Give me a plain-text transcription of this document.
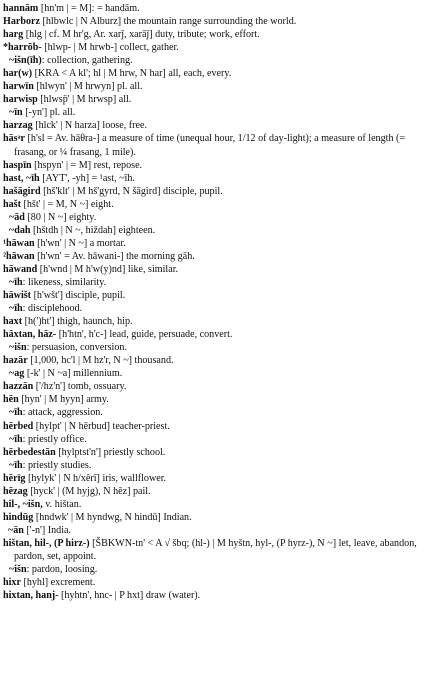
hannām [hn'm | = M]: = handām.
Harborz [hlbwlc | N Alburz] the mountain range surrounding the world.
harg [hlg | cf. M hr'g, Ar. xarǰ, xarāǰ] duty, tribute; work, effort.
*harrōb- [hlwp- | M hrwb-] collect, gather.
~išn(īh): collection, gathering.
har(w) [KRA < A kl'; hl | M hrw, N har] all, each, every.
harwīn [hlwyn' | M hrwyn] pl. all.
harwisp [hlwsp̄' | M hrwsp] all.
~īn [-yn'] pl. all.
harzag [hlck' | N harza] loose, free.
hāsᵃr [h'sl = Av. hāθra-] a measure of time (unequal hour, 1/12 of day-light); a measure of length (= frasang, or ¼ frasang, 1 mile).
haspīn [hspyn' | = M] rest, repose.
hast, ~īh [AYT', -yh] = ¹ast, ~īh.
hašāgird [hš'klt' | M hš'gyrd, N šāgird] disciple, pupil.
hašt [hšt' | = M, N ~] eight.
~ād [80 | N ~] eighty.
~dah [hštdh | N ~, hiždah] eighteen.
¹hāwan [h'wn' | N ~] a mortar.
²hāwan [h'wn' = Av. hāwani-] the morning gāh.
hāwand [h'wnd | M h'w(y)nd] like, similar.
~īh: likeness, similarity.
hāwišt [h'wšt'] disciple, pupil.
~īh: disciplehood.
haxt [h(')ht'] thigh, haunch, hip.
hāxtan, hāz- [h'htn', h'c-] lead, guide, persuade, convert.
~išn: persuasion, conversion.
hazār [1,000, hc'l | M hz'r, N ~] thousand.
~ag [-k' | N ~a] millennium.
hazzān ['/hz'n'] tomb, ossuary.
hēn [hyn' | M hyyn] army.
~īh: attack, aggression.
hērbed [hylpt' | N hērbud] teacher-priest.
~īh: priestly office.
hērbedestān [hylptst'n'] priestly school.
~īh: priestly studies.
hērīg [hylyk' | N h/xērī] iris, wallflower.
hēzag [hyck' | (M hyjg), N hēz] pail.
hil-, ~išn, v. hištan.
hindūg [hndwk' | M hyndwg, N hindū] Indian.
~ān ['-n'] India.
hištan, hil-, (P hirz-) [ŠBKWN-tn' < A √ šbq; (hl-) | M hyštn, hyl-, (P hyrz-), N ~] let, leave, abandon, pardon, set, appoint.
~išn: pardon, loosing.
hixr [hyhl] excrement.
hixtan, hanj- [hyhtn', hnc- | P hxt] draw (water).
